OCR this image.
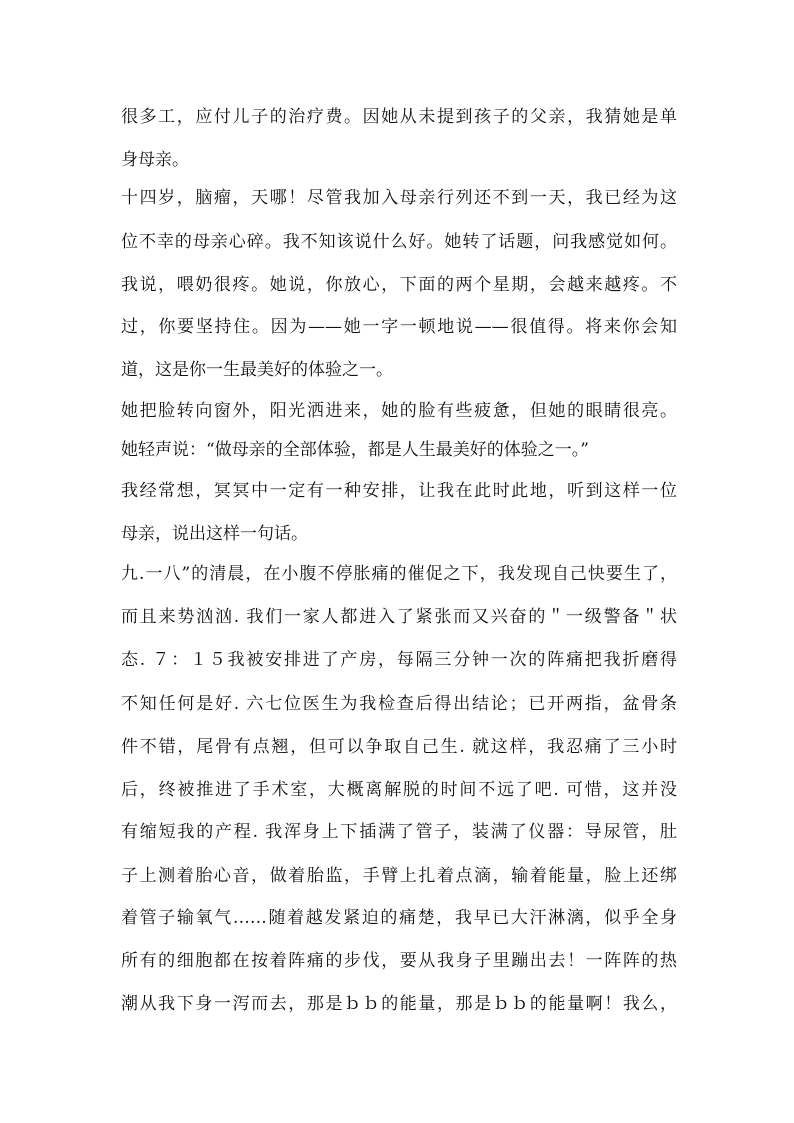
很多工，应付儿子的治疗费。因她从未提到孩子的父亲，我猜她是单
身母亲。
十四岁，脑瘤，天哪！尽管我加入母亲行列还不到一天，我已经为这
位不幸的母亲心碎。我不知该说什么好。她转了话题，问我感觉如何。
我说，喂奶很疼。她说，你放心，下面的两个星期，会越来越疼。不
过，你要坚持住。因为——她一字一顿地说——很值得。将来你会知
道，这是你一生最美好的体验之一。
她把脸转向窗外，阳光洒进来，她的脸有些疲惫，但她的眼睛很亮。
她轻声说：“做母亲的全部体验，都是人生最美好的体验之一。”
我经常想，冥冥中一定有一种安排，让我在此时此地，听到这样一位
母亲，说出这样一句话。
九.一八”的清晨，在小腹不停胀痛的催促之下，我发现自己快要生了，
而且来势汹汹. 我们一家人都进入了紧张而又兴奋的＂一级警备＂状
态. ７：１５我被安排进了产房，每隔三分钟一次的阵痛把我折磨得
不知任何是好. 六七位医生为我检查后得出结论；已开两指，盆骨条
件不错，尾骨有点翘，但可以争取自己生. 就这样，我忍痛了三小时
后，终被推进了手术室，大概离解脱的时间不远了吧. 可惜，这并没
有缩短我的产程. 我浑身上下插满了管子，装满了仪器：导尿管，肚
子上测着胎心音，做着胎监，手臂上扎着点滴，输着能量，脸上还绑
着管子输氧气……随着越发紧迫的痛楚，我早已大汗淋漓，似乎全身
所有的细胞都在按着阵痛的步伐，要从我身子里蹦出去！一阵阵的热
潮从我下身一泻而去，那是ｂｂ的能量，那是ｂｂ的能量啊！我么，
